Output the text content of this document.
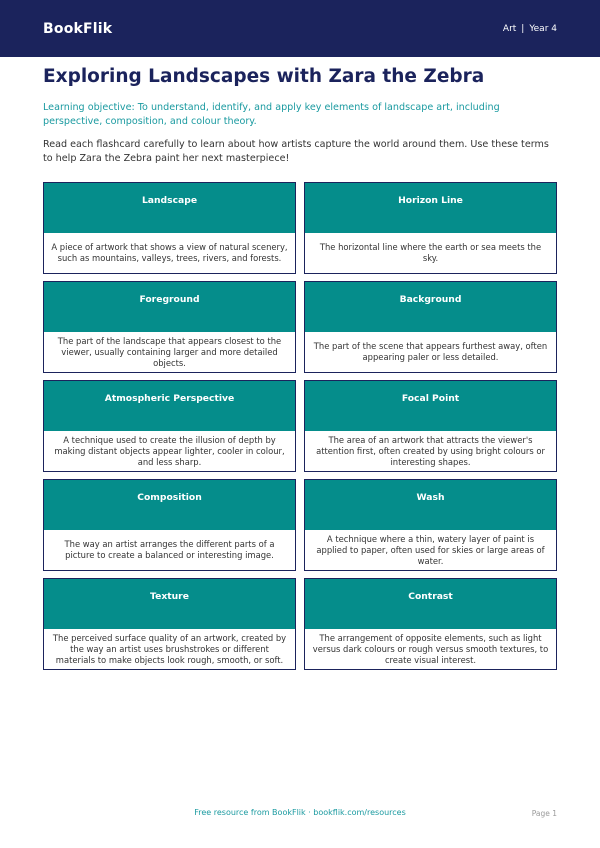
BookFlik	Art | Year 4
Exploring Landscapes with Zara the Zebra

Learning objective: To understand, identify, and apply key elements of landscape art, including perspective, composition, and colour theory.

Read each flashcard carefully to learn about how artists capture the world around them. Use these terms to help Zara the Zebra paint her next masterpiece!

Landscape
A piece of artwork that shows a view of natural scenery, such as mountains, valleys, trees, rivers, and forests.
Horizon Line
The horizontal line where the earth or sea meets the sky.
Foreground
The part of the landscape that appears closest to the viewer, usually containing larger and more detailed objects.
Background
The part of the scene that appears furthest away, often appearing paler or less detailed.
Atmospheric Perspective
A technique used to create the illusion of depth by making distant objects appear lighter, cooler in colour, and less sharp.
Focal Point
The area of an artwork that attracts the viewer's attention first, often created by using bright colours or interesting shapes.
Composition
The way an artist arranges the different parts of a picture to create a balanced or interesting image.
Wash
A technique where a thin, watery layer of paint is applied to paper, often used for skies or large areas of water.
Texture
The perceived surface quality of an artwork, created by the way an artist uses brushstrokes or different materials to make objects look rough, smooth, or soft.
Contrast
The arrangement of opposite elements, such as light versus dark colours or rough versus smooth textures, to create visual interest.
Free resource from BookFlik · bookflik.com/resources	Page 1
